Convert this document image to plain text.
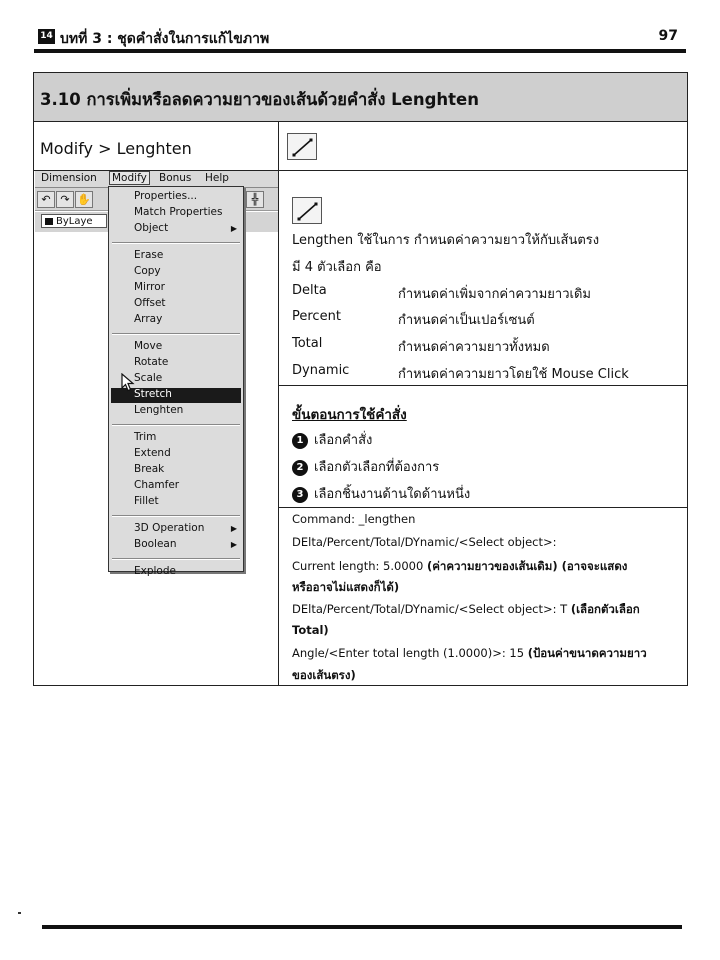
14 บทที่ 3 : ชุดคำสั่งในการแก้ไขภาพ	97
3.10 การเพิ่มหรือลดความยาวของเส้นด้วยคำสั่ง Lenghten
Modify > Lenghten
Dimension Modify Bonus Help
↶ ↷ ✋	╬
ByLaye
Properties...
Match Properties
Object	▶
Erase
Copy
Mirror
Offset
Array
Move
Rotate
Scale
Stretch
Lenghten
Trim
Extend
Break
Chamfer
Fillet
3D Operation	▶
Boolean	▶
Explode
Lengthen ใช้ในการ กำหนดค่าความยาวให้กับเส้นตรง
มี 4 ตัวเลือก คือ
Delta	กำหนดค่าเพิ่มจากค่าความยาวเดิม
Percent	กำหนดค่าเป็นเปอร์เซนต์
Total	กำหนดค่าความยาวทั้งหมด
Dynamic	กำหนดค่าความยาวโดยใช้ Mouse Click
ขั้นตอนการใช้คำสั่ง
1 เลือกคำสั่ง
2 เลือกตัวเลือกที่ต้องการ
3 เลือกชิ้นงานด้านใดด้านหนึ่ง
Command: _lengthen
DElta/Percent/Total/DYnamic/<Select object>:
Current length: 5.0000 (ค่าความยาวของเส้นเดิม) (อาจจะแสดง
หรืออาจไม่แสดงก็ได้)
DElta/Percent/Total/DYnamic/<Select object>: T (เลือกตัวเลือก
Total)
Angle/<Enter total length (1.0000)>: 15 (ป้อนค่าขนาดความยาว
ของเส้นตรง)
